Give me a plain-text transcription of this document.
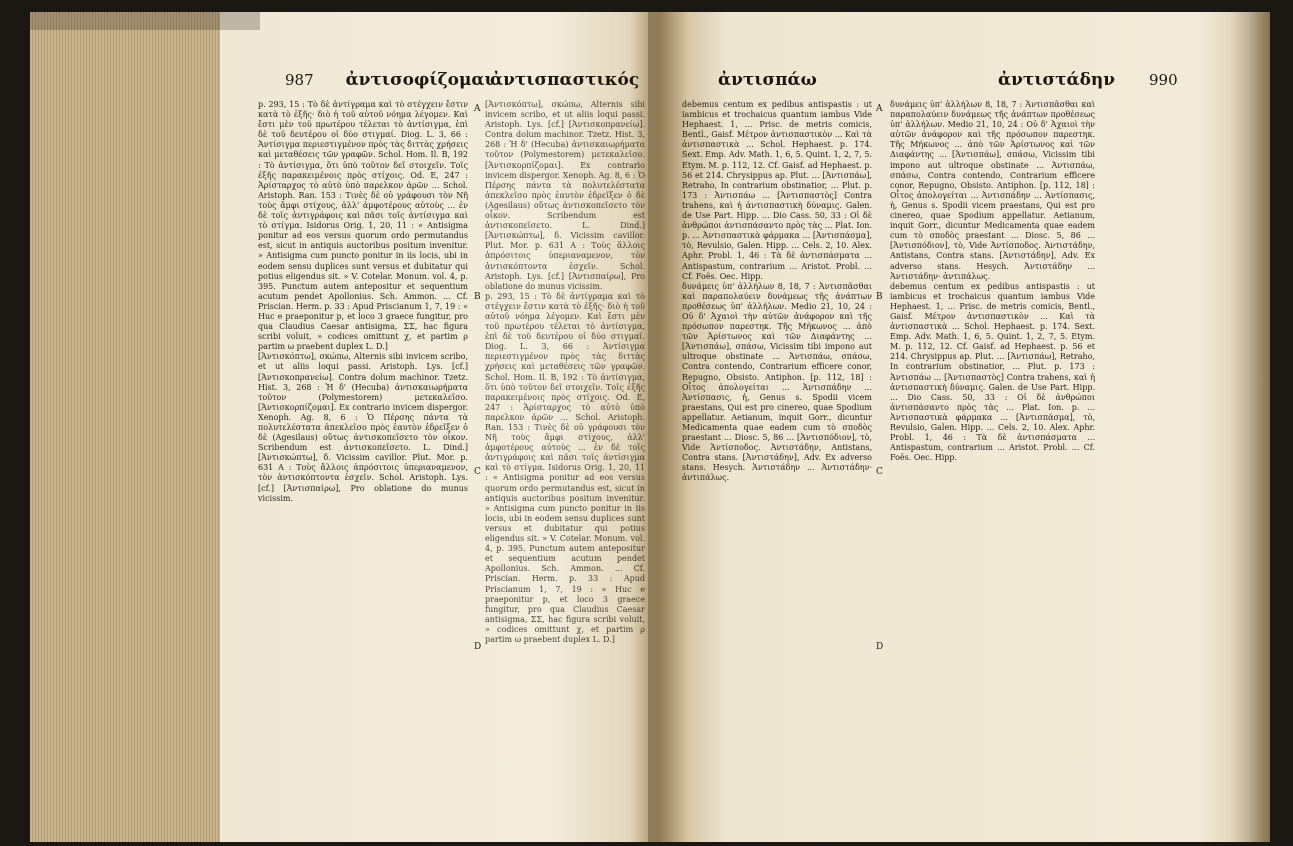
987 ἀντισοφίζομαι
ἀντισπαστικός

p. 293, 15 : Τὸ δὲ ἀντίγραμα καὶ τὸ στέγχειν ἔστιν κατὰ τὸ ἐξῆς· διὸ ἡ τοῦ αὐτοῦ νόημα λέγομεν. Καὶ ἔστι μὲν τοῦ πρωτέρου τέλεται τὸ ἀντίσιγμα, ἐπὶ δὲ τοῦ δευτέρου οἱ δύο στιγμαί. Diog. L. 3, 66 : Ἀντίσιγμα περιεστιγμένον πρὸς τὰς διττὰς χρήσεις καὶ μεταθέσεις τῶν γραφῶν. Schol. Hom. Il. B, 192 : Τὸ ἀντίσιγμα, ὅτι ὑπὸ τοῦτον δεῖ στοιχεῖν. Τοῖς ἐξῆς παρακειμένοις πρὸς στίχοις. Od. E, 247 : Ἀρίσταρχος τὸ αὐτὸ ὑπὸ παρελκον ἀρῶν ... Schol. Aristoph. Ran. 153 : Τινὲς δὲ οὐ γράφουσι τὸν Νῆ τοὺς ἄμφι στίχους, ἀλλ' ἀμφοτέρους αὐτοὺς ... ἐν δὲ τοῖς ἀντιγράφοις καὶ πᾶσι τοῖς ἀντίσιγμα καὶ τὸ στίγμα. Isidorus Orig. 1, 20, 11 : « Antisigma ponitur ad eos versus quorum ordo permutandus est, sicut in antiquis auctoribus positum invenitur. » Antisigma cum puncto ponitur in iis locis, ubi in eodem sensu duplices sunt versus et dubitatur qui potius eligendus sit. » V. Cotelar. Monum. vol. 4, p. 395. Punctum autem antepositur et sequentium acutum pendet Apollonius. Sch. Ammon. ... Cf. Priscian. Herm. p. 33 : Apud Priscianum 1, 7, 19 : « Huc e praeponitur p, et loco 3 graece fungitur, pro qua Claudius Caesar antisigma, ΣΣ, hac figura scribi voluit, » codices omittunt χ, et partim ρ partim ω praebent duplex L. D.]

[Ἀντισκόπτω], σκώπω, Alternis sibi invicem scribo, et ut aliis loqui passi. Aristoph. Lys. [cf.] [Ἀντισκοπρανείω]. Contra dolum machinor. Tzetz. Hist. 3, 268 : Ἡ δ' (Hecuba) ἀντισκαιωρήματα τοῦτον (Polymestorem) μετεκαλεῖσο. [Ἀντισκορπίζομαι]. Ex contrario invicem dispergor. Xenoph. Ag. 8, 6 : Ὁ Πέρσης πάντα τὰ πολυτελέστατα ἀπεκλεῖσο πρὸς ἑαυτὸν ἐδρεῖξεν ὁ δὲ (Agesilaus) οὕτως ἀντισκοπεῖσετο τὸν οἶκον. Scribendum est ἀντισκοπεῖσετο. L. Dind.] [Ἀντισκώπτω], δ. Vicissim cavillor. Plut. Mor. p. 631 A : Τοὺς ἄλλοις ἀπρόσιτοις ὑπεριαναμενον, τὸν ἀντισκόπτοντα ἐσχεῖν. Schol. Aristoph. Lys. [cf.] [Ἀντισπαίρω], Pro oblatione do munus vicissim.

[Ἀντισκόπτω], σκώπω, Alternis sibi invicem scribo, et ut aliis loqui passi. Aristoph. Lys. [cf.] [Ἀντισκοπρανείω]. Contra dolum machinor. Tzetz. Hist. 3, 268 : Ἡ δ' (Hecuba) ἀντισκαιωρήματα τοῦτον (Polymestorem) μετεκαλεῖσο. [Ἀντισκορπίζομαι]. Ex contrario invicem dispergor. Xenoph. Ag. 8, 6 : Ὁ Πέρσης πάντα τὰ πολυτελέστατα ἀπεκλεῖσο πρὸς ἑαυτὸν ἐδρεῖξεν ὁ δὲ (Agesilaus) οὕτως ἀντισκοπεῖσετο τὸν οἶκον. Scribendum est ἀντισκοπεῖσετο. L. Dind.] [Ἀντισκώπτω], δ. Vicissim cavillor. Plut. Mor. p. 631 A : Τοὺς ἄλλοις ἀπρόσιτοις ὑπεριαναμενον, τὸν ἀντισκόπτοντα ἐσχεῖν. Schol. Aristoph. Lys. [cf.] [Ἀντισπαίρω], Pro oblatione do munus vicissim.

p. 293, 15 : Τὸ δὲ ἀντίγραμα καὶ τὸ στέγχειν ἔστιν κατὰ τὸ ἐξῆς· διὸ ἡ τοῦ αὐτοῦ νόημα λέγομεν. Καὶ ἔστι μὲν τοῦ πρωτέρου τέλεται τὸ ἀντίσιγμα, ἐπὶ δὲ τοῦ δευτέρου οἱ δύο στιγμαί. Diog. L. 3, 66 : Ἀντίσιγμα περιεστιγμένον πρὸς τὰς διττὰς χρήσεις καὶ μεταθέσεις τῶν γραφῶν. Schol. Hom. Il. B, 192 : Τὸ ἀντίσιγμα, ὅτι ὑπὸ τοῦτον δεῖ στοιχεῖν. Τοῖς ἐξῆς παρακειμένοις πρὸς στίχοις. Od. E, 247 : Ἀρίσταρχος τὸ αὐτὸ ὑπὸ παρελκον ἀρῶν ... Schol. Aristoph. Ran. 153 : Τινὲς δὲ οὐ γράφουσι τὸν Νῆ τοὺς ἄμφι στίχους, ἀλλ' ἀμφοτέρους αὐτοὺς ... ἐν δὲ τοῖς ἀντιγράφοις καὶ πᾶσι τοῖς ἀντίσιγμα καὶ τὸ στίγμα. Isidorus Orig. 1, 20, 11 : « Antisigma ponitur ad eos versus quorum ordo permutandus est, sicut in antiquis auctoribus positum invenitur. » Antisigma cum puncto ponitur in iis locis, ubi in eodem sensu duplices sunt versus et dubitatur qui potius eligendus sit. » V. Cotelar. Monum. vol. 4, p. 395. Punctum autem antepositur et sequentium acutum pendet Apollonius. Sch. Ammon. ... Cf. Priscian. Herm. p. 33 : Apud Priscianum 1, 7, 19 : « Huc e praeponitur p, et loco 3 graece fungitur, pro qua Claudius Caesar antisigma, ΣΣ, hac figura scribi voluit, » codices omittunt χ, et partim ρ partim ω praebent duplex L. D.]

A
B
C
D
ἀντισπάω	ἀντιστάδην 990

debemus centum ex pedibus antispastis : ut iambicus et trochaicus quantum iambus Vide Hephaest. 1, ... Prisc. de metris comicis, Bentl., Gaisf. Μέτρον ἀντισπαστικὸν ... Καὶ τὰ ἀντισπαστικὰ ... Schol. Hephaest. p. 174. Sext. Emp. Adv. Math. 1, 6, 5. Quint. 1, 2, 7, 5. Etym. M. p. 112, 12. Cf. Gaisf. ad Hephaest. p. 56 et 214. Chrysippus ap. Plut. ... [Ἀντισπάω], Retraho, In contrarium obstinatior, ... Plut. p. 173 : Ἀντισπάω ... [Ἀντισπαστὸς] Contra trahens, καὶ ἡ ἀντισπαστικὴ δύναμις. Galen. de Use Part. Hipp. ... Dio Cass. 50, 33 : Οἱ δὲ ἀνθρώποι ἀντισπάσαντο πρὸς τὰς ... Plat. Ion. p. ... Ἀντισπαστικὰ φάρμακα ... [Ἀντισπάσμα], τὸ, Revulsio, Galen. Hipp. ... Cels. 2, 10. Alex. Aphr. Probl. 1, 46 : Τὰ δὲ ἀντισπάσματα ... Antispastum, contrarium ... Aristot. Probl. ... Cf. Foës. Oec. Hipp.

δυνάμεις ὑπ' ἀλλήλων 8, 18, 7 : Ἀντισπᾶσθαι καὶ παραπολαύειν δυνάμεως τῆς ἀνάπτων προθέσεως ὑπ' ἀλλήλων. Medio 21, 10, 24 : Οὐ δ' Ἀχαιοὶ τὴν αὐτῶν ἀνάφορον καὶ τῆς πρόσωπον παρεστηκ. Τῆς Μήκωνος ... ἀπὸ τῶν Ἀρίστωνος καὶ τῶν Διαφάντης ... [Ἀντισπάω], σπάσω, Vicissim tibi impono aut ultroque obstinate ... Ἀντισπάω, σπάσω, Contra contendo, Contrarium efficere conor, Repugno, Obsisto. Antiphon. [p. 112, 18] : Οἶτος ἀπολογείται ... Ἀντισπάδην ... Ἀντίσπασις, ἡ, Genus s. Spodii vicem praestans, Qui est pro cinereo, quae Spodium appellatur. Aetianum, inquit Gorr., dicuntur Medicamenta quae eadem cum τὸ σποδὸς praestant ... Diosc. 5, 86 ... [Ἀντισπόδιον], τὸ, Vide Ἀντίσποδος. Ἀντιστάδην, Antistans, Contra stans. [Ἀντιστάδην], Adv. Ex adverso stans. Hesych. Ἀντιστάδην ... Ἀντιστάδην· ἀντιπάλως.

δυνάμεις ὑπ' ἀλλήλων 8, 18, 7 : Ἀντισπᾶσθαι καὶ παραπολαύειν δυνάμεως τῆς ἀνάπτων προθέσεως ὑπ' ἀλλήλων. Medio 21, 10, 24 : Οὐ δ' Ἀχαιοὶ τὴν αὐτῶν ἀνάφορον καὶ τῆς πρόσωπον παρεστηκ. Τῆς Μήκωνος ... ἀπὸ τῶν Ἀρίστωνος καὶ τῶν Διαφάντης ... [Ἀντισπάω], σπάσω, Vicissim tibi impono aut ultroque obstinate ... Ἀντισπάω, σπάσω, Contra contendo, Contrarium efficere conor, Repugno, Obsisto. Antiphon. [p. 112, 18] : Οἶτος ἀπολογείται ... Ἀντισπάδην ... Ἀντίσπασις, ἡ, Genus s. Spodii vicem praestans, Qui est pro cinereo, quae Spodium appellatur. Aetianum, inquit Gorr., dicuntur Medicamenta quae eadem cum τὸ σποδὸς praestant ... Diosc. 5, 86 ... [Ἀντισπόδιον], τὸ, Vide Ἀντίσποδος. Ἀντιστάδην, Antistans, Contra stans. [Ἀντιστάδην], Adv. Ex adverso stans. Hesych. Ἀντιστάδην ... Ἀντιστάδην· ἀντιπάλως.

debemus centum ex pedibus antispastis : ut iambicus et trochaicus quantum iambus Vide Hephaest. 1, ... Prisc. de metris comicis, Bentl., Gaisf. Μέτρον ἀντισπαστικὸν ... Καὶ τὰ ἀντισπαστικὰ ... Schol. Hephaest. p. 174. Sext. Emp. Adv. Math. 1, 6, 5. Quint. 1, 2, 7, 5. Etym. M. p. 112, 12. Cf. Gaisf. ad Hephaest. p. 56 et 214. Chrysippus ap. Plut. ... [Ἀντισπάω], Retraho, In contrarium obstinatior, ... Plut. p. 173 : Ἀντισπάω ... [Ἀντισπαστὸς] Contra trahens, καὶ ἡ ἀντισπαστικὴ δύναμις. Galen. de Use Part. Hipp. ... Dio Cass. 50, 33 : Οἱ δὲ ἀνθρώποι ἀντισπάσαντο πρὸς τὰς ... Plat. Ion. p. ... Ἀντισπαστικὰ φάρμακα ... [Ἀντισπάσμα], τὸ, Revulsio, Galen. Hipp. ... Cels. 2, 10. Alex. Aphr. Probl. 1, 46 : Τὰ δὲ ἀντισπάσματα ... Antispastum, contrarium ... Aristot. Probl. ... Cf. Foës. Oec. Hipp.

A
B
C
D
